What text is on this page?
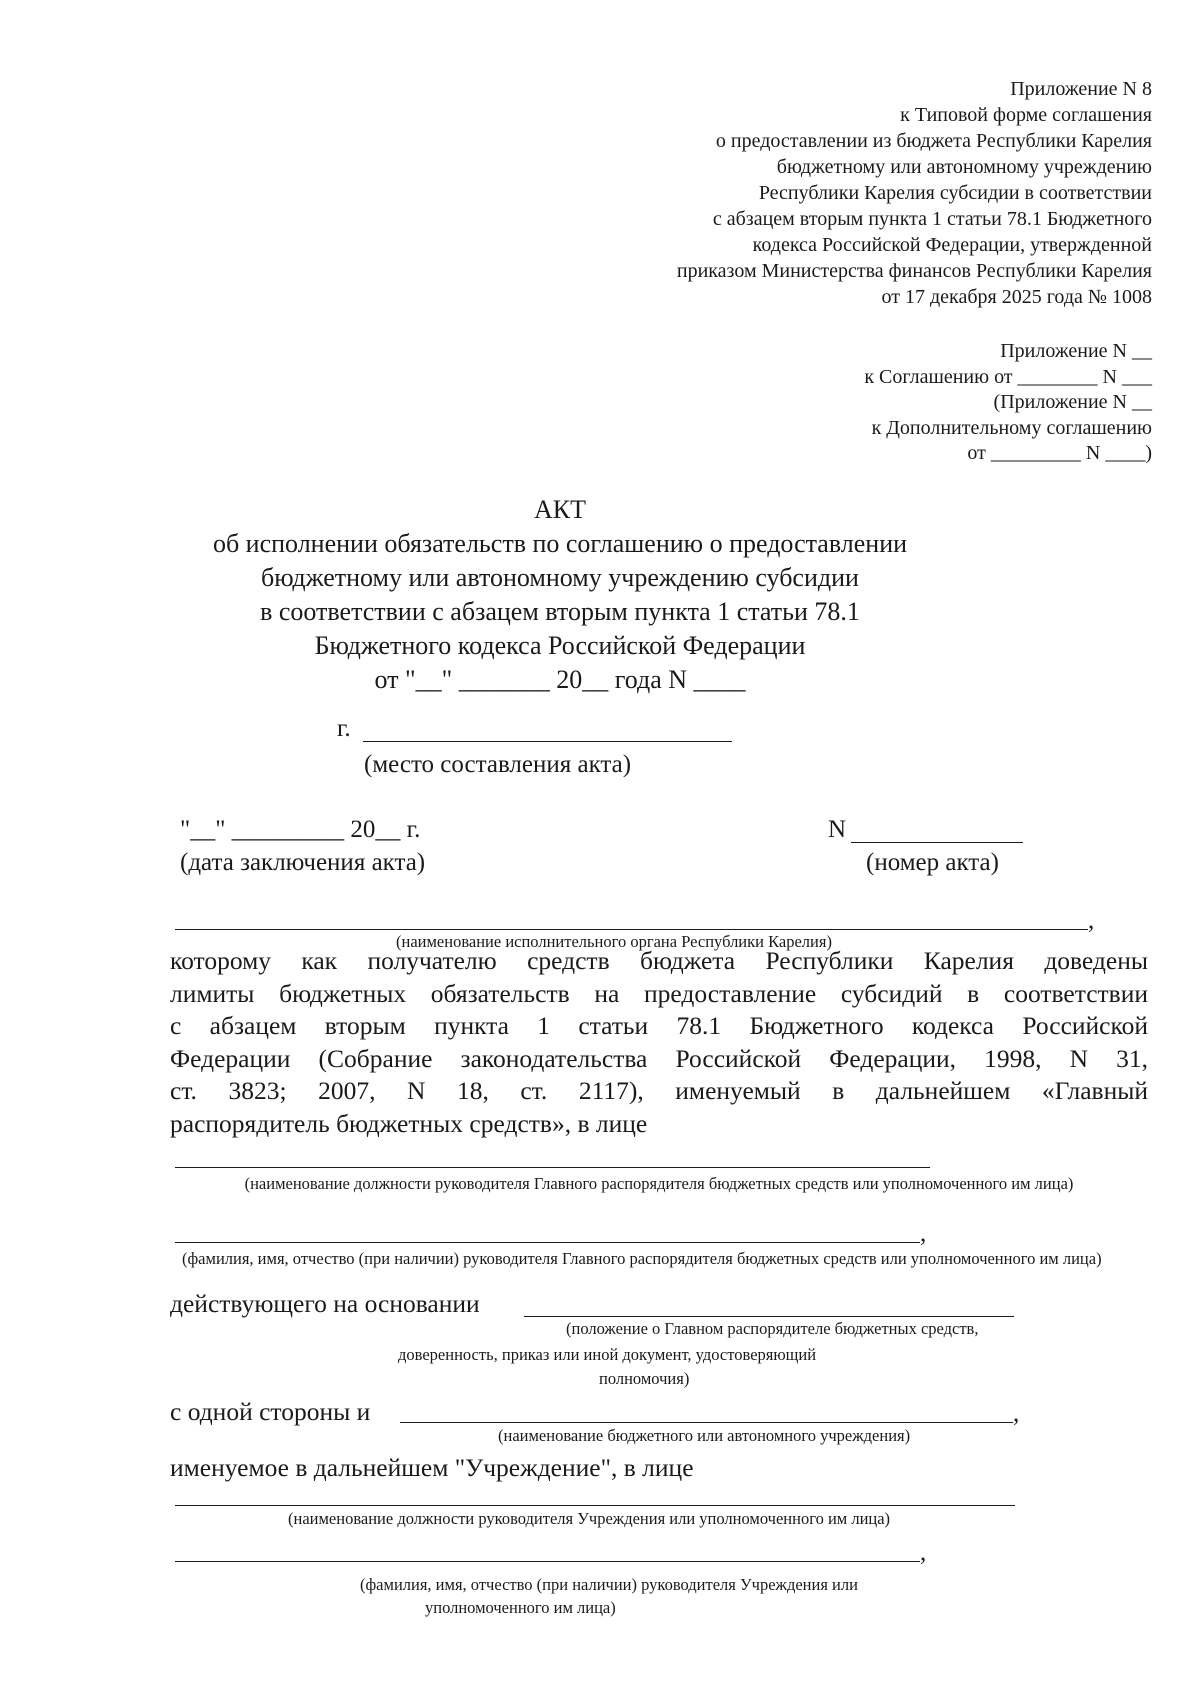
Приложение N 8
к Типовой форме соглашения
о предоставлении из бюджета Республики Карелия
бюджетному или автономному учреждению
Республики Карелия субсидии в соответствии
с абзацем вторым пункта 1 статьи 78.1 Бюджетного
кодекса Российской Федерации, утвержденной
приказом Министерства финансов Республики Карелия
от 17 декабря 2025 года № 1008
Приложение N __
к Соглашению от ________ N ___
(Приложение N __
к Дополнительному соглашению
от _________ N ____)
АКТ
об исполнении обязательств по соглашению о предоставлении
бюджетному или автономному учреждению субсидии
в соответствии с абзацем вторым пункта 1 статьи 78.1
Бюджетного кодекса Российской Федерации
от "__" _______ 20__ года N ____
г.
(место составления акта)
"__" _________ 20__ г.
(дата заключения акта)
N
(номер акта)
,
(наименование исполнительного органа Республики Карелия)
которому как получателю средств бюджета Республики Карелия доведены
лимиты бюджетных обязательств на предоставление субсидий в соответствии
с абзацем вторым пункта 1 статьи 78.1 Бюджетного кодекса Российской
Федерации (Собрание законодательства Российской Федерации, 1998, N 31,
ст. 3823; 2007, N 18, ст. 2117), именуемый в дальнейшем «Главный
распорядитель бюджетных средств», в лице
(наименование должности руководителя Главного распорядителя бюджетных средств или уполномоченного им лица)
,
(фамилия, имя, отчество (при наличии) руководителя Главного распорядителя бюджетных средств или уполномоченного им лица)
действующего на основании
(положение о Главном распорядителе бюджетных средств,
доверенность, приказ или иной документ, удостоверяющий
полномочия)
с одной стороны и	,
(наименование бюджетного или автономного учреждения)
именуемое в дальнейшем "Учреждение", в лице
(наименование должности руководителя Учреждения или уполномоченного им лица)
,
(фамилия, имя, отчество (при наличии) руководителя Учреждения или
уполномоченного им лица)
